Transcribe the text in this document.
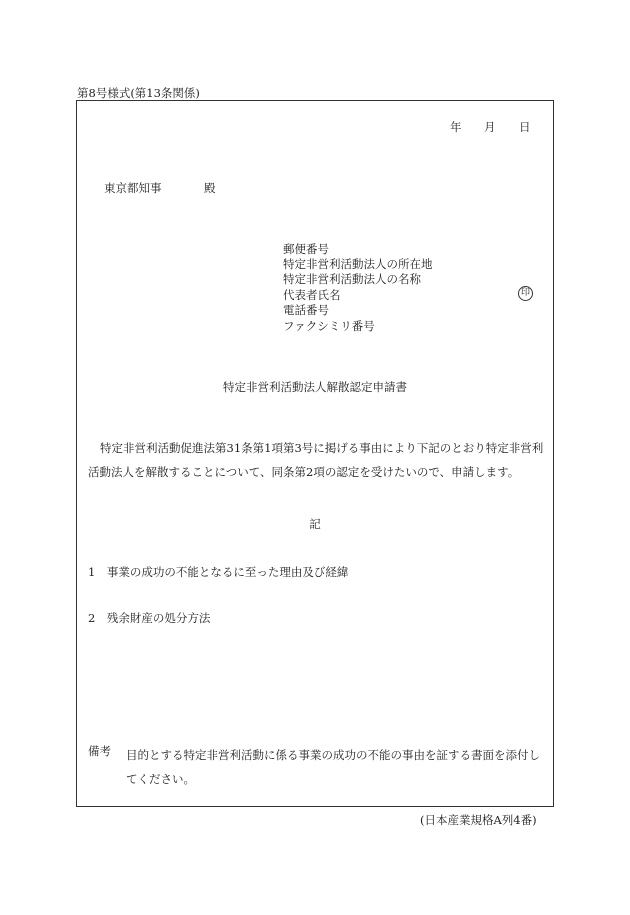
第8号様式(第13条関係)
年 月 日
東京都知事	殿
郵便番号
特定非営利活動法人の所在地
特定非営利活動法人の名称
代表者氏名	印
電話番号
ファクシミリ番号
特定非営利活動法人解散認定申請書
特定非営利活動促進法第31条第1項第3号に掲げる事由により下記のとおり特定非営利活動法人を解散することについて、同条第2項の認定を受けたいので、申請します。
記
1　事業の成功の不能となるに至った理由及び経緯
2　残余財産の処分方法
備考 目的とする特定非営利活動に係る事業の成功の不能の事由を証する書面を添付してください。
(日本産業規格A列4番)
